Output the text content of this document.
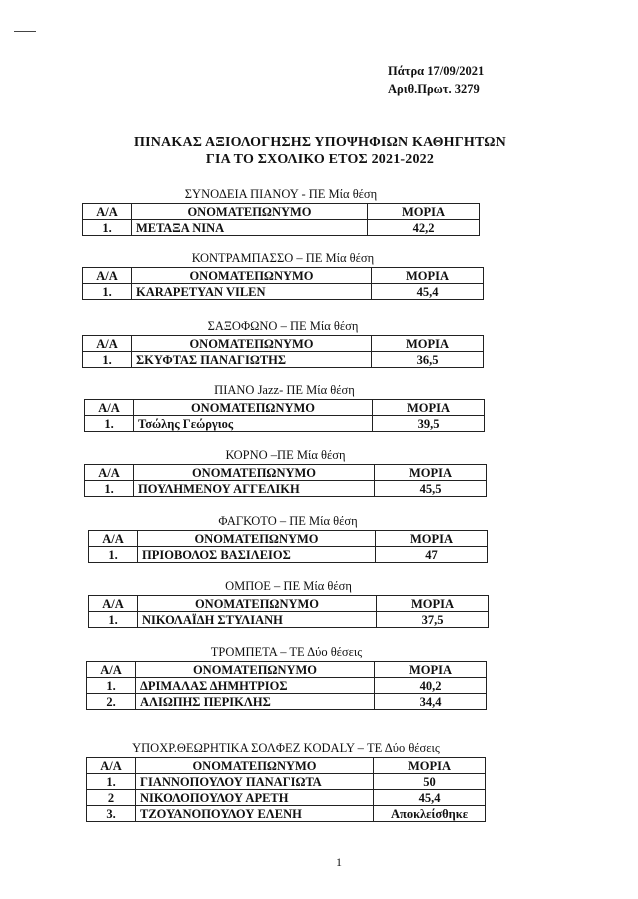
Πάτρα 17/09/2021
Αριθ.Πρωτ. 3279
ΠΙΝΑΚΑΣ ΑΞΙΟΛΟΓΗΣΗΣ ΥΠΟΨΗΦΙΩΝ ΚΑΘΗΓΗΤΩΝ
ΓΙΑ ΤΟ ΣΧΟΛΙΚΟ ΕΤΟΣ 2021-2022
ΣΥΝΟΔΕΙΑ ΠΙΑΝΟΥ - ΠΕ Μία θέση
Α/Α	ΟΝΟΜΑΤΕΠΩΝΥΜΟ	ΜΟΡΙΑ
1.	ΜΕΤΑΞΑ ΝΙΝΑ	42,2
ΚΟΝΤΡΑΜΠΑΣΣΟ – ΠΕ Μία θέση
Α/Α	ΟΝΟΜΑΤΕΠΩΝΥΜΟ	ΜΟΡΙΑ
1.	KARAPETYAN VILEN	45,4
ΣΑΞΟΦΩΝΟ – ΠΕ Μία θέση
Α/Α	ΟΝΟΜΑΤΕΠΩΝΥΜΟ	ΜΟΡΙΑ
1.	ΣΚΥΦΤΑΣ ΠΑΝΑΓΙΩΤΗΣ	36,5
ΠΙΑΝΟ Jazz- ΠΕ Μία θέση
Α/Α	ΟΝΟΜΑΤΕΠΩΝΥΜΟ	ΜΟΡΙΑ
1.	Τσώλης Γεώργιος	39,5
ΚΟΡΝΟ –ΠΕ Μία θέση
Α/Α	ΟΝΟΜΑΤΕΠΩΝΥΜΟ	ΜΟΡΙΑ
1.	ΠΟΥΛΗΜΕΝΟΥ ΑΓΓΕΛΙΚΗ	45,5
ΦΑΓΚΟΤΟ – ΠΕ Μία θέση
Α/Α	ΟΝΟΜΑΤΕΠΩΝΥΜΟ	ΜΟΡΙΑ
1.	ΠΡΙΟΒΟΛΟΣ ΒΑΣΙΛΕΙΟΣ	47
ΟΜΠΟΕ – ΠΕ Μία θέση
Α/Α	ΟΝΟΜΑΤΕΠΩΝΥΜΟ	ΜΟΡΙΑ
1.	ΝΙΚΟΛΑΪΔΗ ΣΤΥΛΙΑΝΗ	37,5
ΤΡΟΜΠΕΤΑ – ΤΕ Δύο θέσεις
Α/Α	ΟΝΟΜΑΤΕΠΩΝΥΜΟ	ΜΟΡΙΑ
1.	ΔΡΙΜΑΛΑΣ ΔΗΜΗΤΡΙΟΣ	40,2
2.	ΑΛΙΩΠΗΣ ΠΕΡΙΚΛΗΣ	34,4
ΥΠΟΧΡ.ΘΕΩΡΗΤΙΚΑ ΣΟΛΦΕΖ KODALY – ΤΕ Δύο θέσεις
Α/Α	ΟΝΟΜΑΤΕΠΩΝΥΜΟ	ΜΟΡΙΑ
1.	ΓΙΑΝΝΟΠΟΥΛΟΥ ΠΑΝΑΓΙΩΤΑ	50
2	ΝΙΚΟΛΟΠΟΥΛΟΥ ΑΡΕΤΗ	45,4
3.	ΤΖΟΥΑΝΟΠΟΥΛΟΥ ΕΛΕΝΗ	Αποκλείσθηκε
1
